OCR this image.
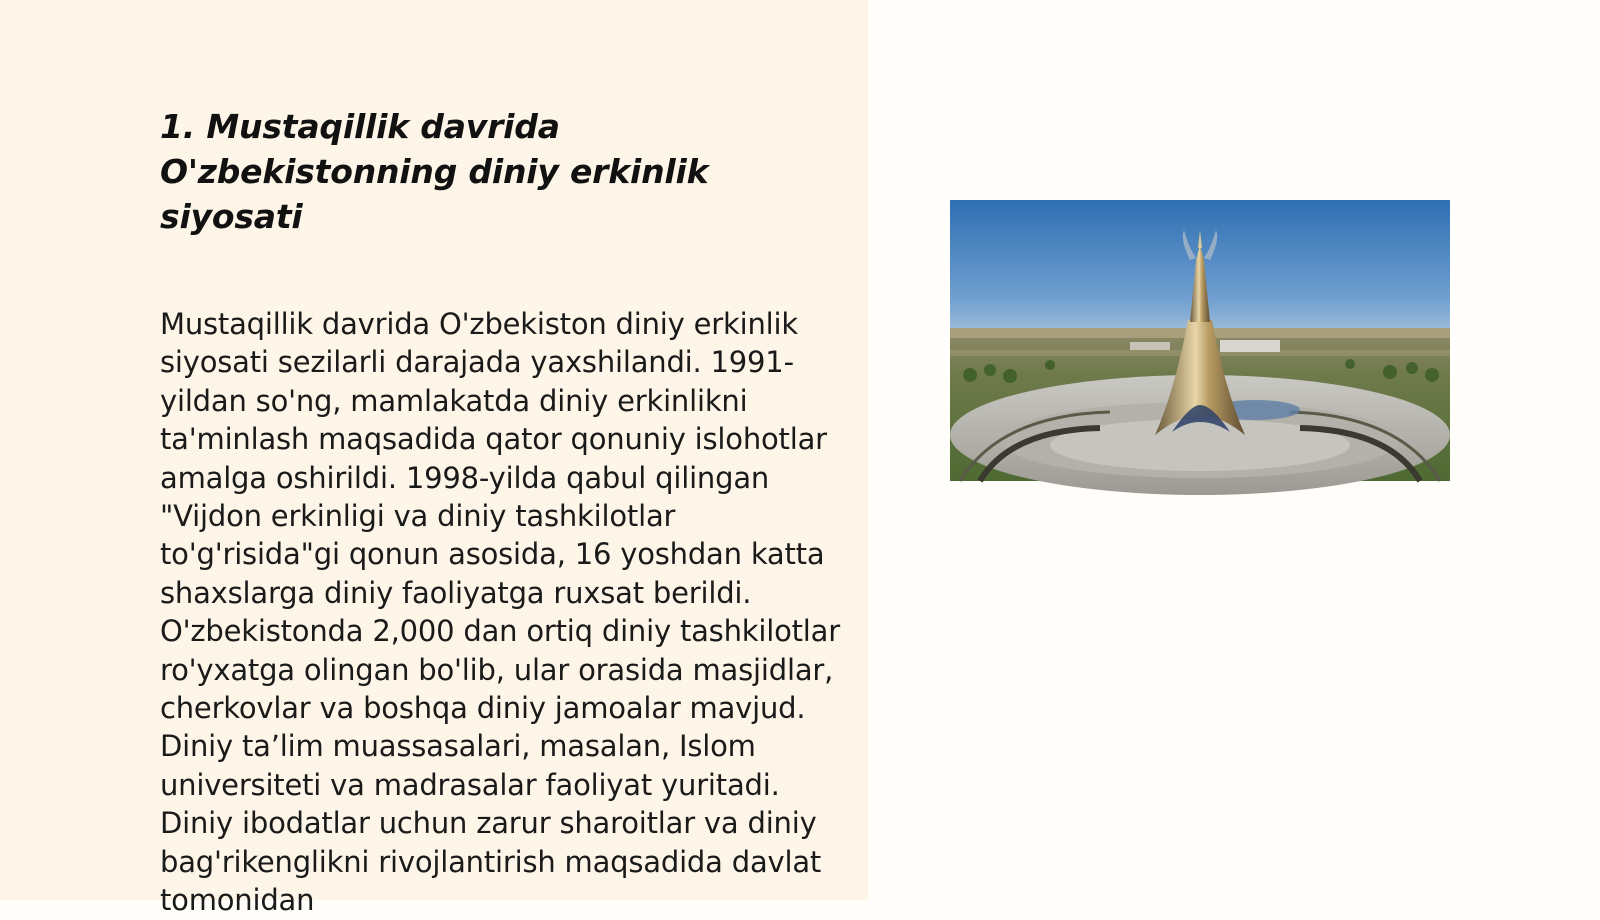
1. Mustaqillik davrida
O'zbekistonning diniy erkinlik siyosati

Mustaqillik davrida O'zbekiston diniy erkinlik siyosati sezilarli darajada yaxshilandi. 1991-yildan so'ng, mamlakatda diniy erkinlikni ta'minlash maqsadida qator qonuniy islohotlar amalga oshirildi. 1998-yilda qabul qilingan "Vijdon erkinligi va diniy tashkilotlar to'g'risida"gi qonun asosida, 16 yoshdan katta shaxslarga diniy faoliyatga ruxsat berildi. O'zbekistonda 2,000 dan ortiq diniy tashkilotlar ro'yxatga olingan bo'lib, ular orasida masjidlar, cherkovlar va boshqa diniy jamoalar mavjud. Diniy ta’lim muassasalari, masalan, Islom universiteti va madrasalar faoliyat yuritadi. Diniy ibodatlar uchun zarur sharoitlar va diniy bag'rikenglikni rivojlantirish maqsadida davlat tomonidan
